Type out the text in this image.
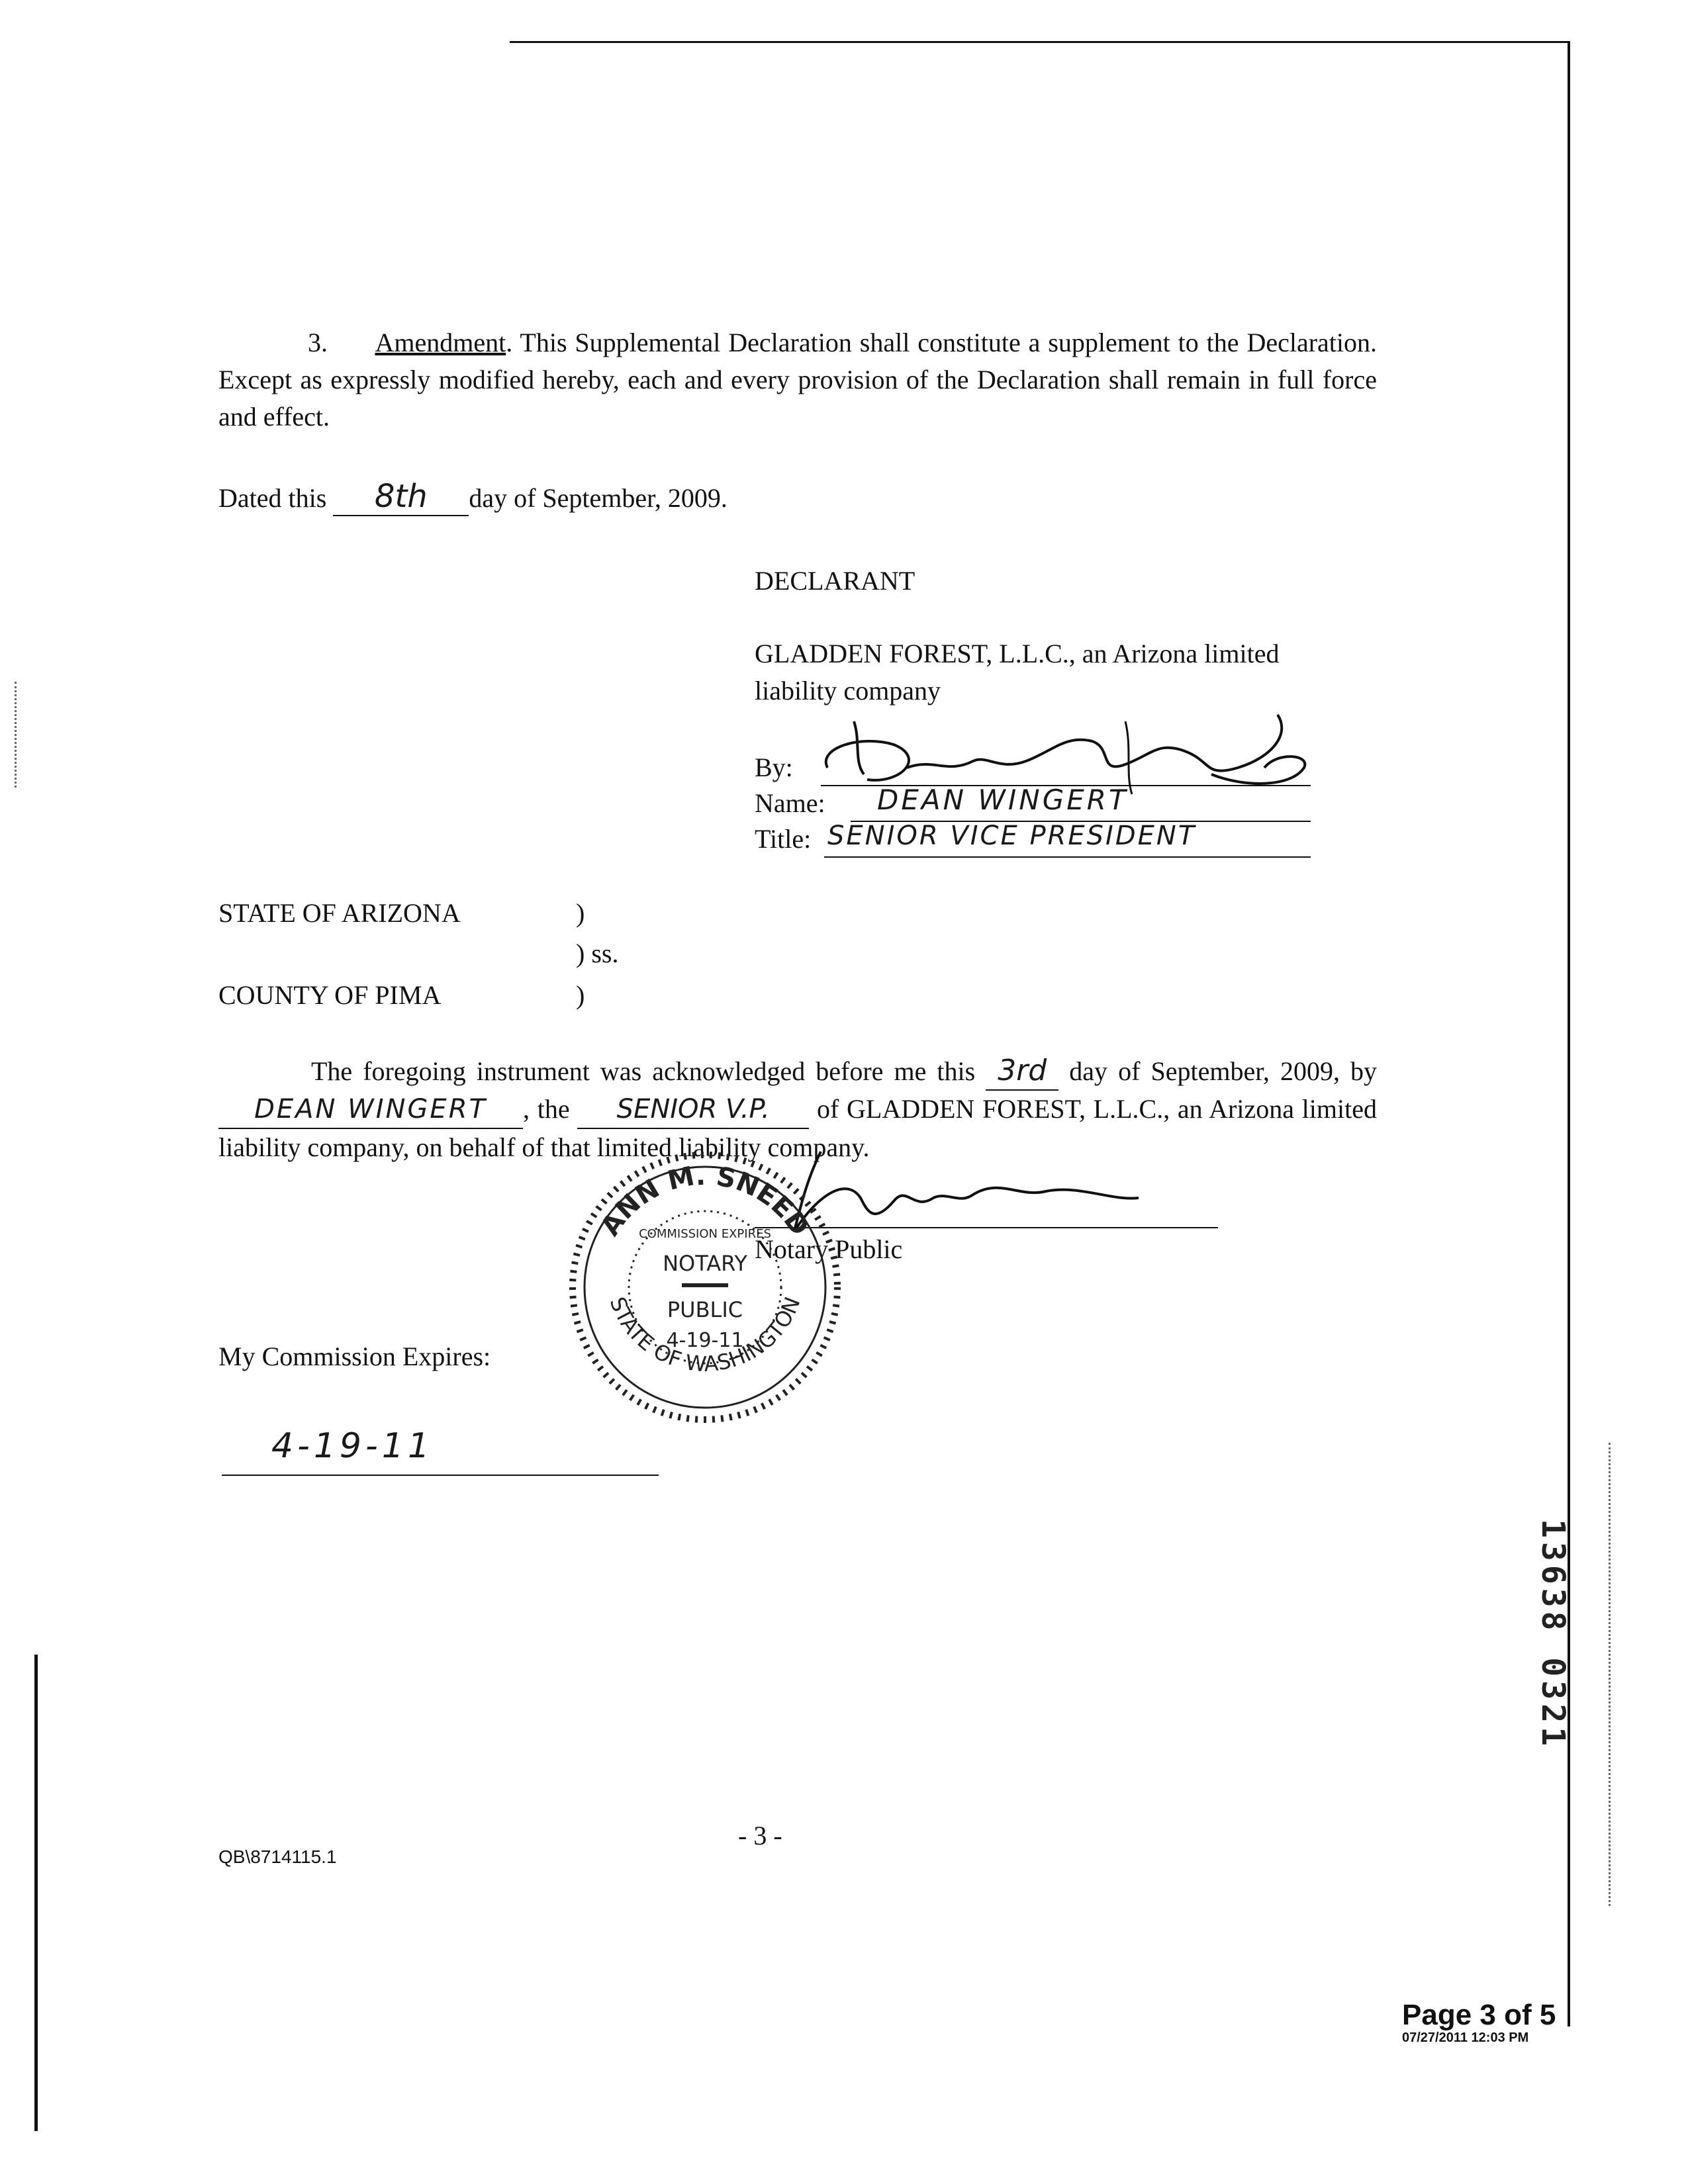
3. Amendment. This Supplemental Declaration shall constitute a supplement to the Declaration. Except as expressly modified hereby, each and every provision of the Declaration shall remain in full force and effect.
Dated this 8th day of September, 2009.
DECLARANT
GLADDEN FOREST, L.L.C., an Arizona limited
liability company
By:
Name: DEAN WINGERT
Title: SENIOR VICE PRESIDENT
STATE OF ARIZONA	)
) ss.
COUNTY OF PIMA	)
The foregoing instrument was acknowledged before me this 3rd day of September, 2009, by DEAN WINGERT , the SENIOR V.P. of GLADDEN FOREST, L.L.C., an Arizona limited liability company, on behalf of that limited liability company.
Notary Public
ANN M. SNEED
STATE OF WASHINGTON
COMMISSION EXPIRES
NOTARY
PUBLIC
4-19-11
My Commission Expires:
4-19-11
13638 0321
- 3 -
QB\8714115.1
Page 3 of 5
07/27/2011 12:03 PM
